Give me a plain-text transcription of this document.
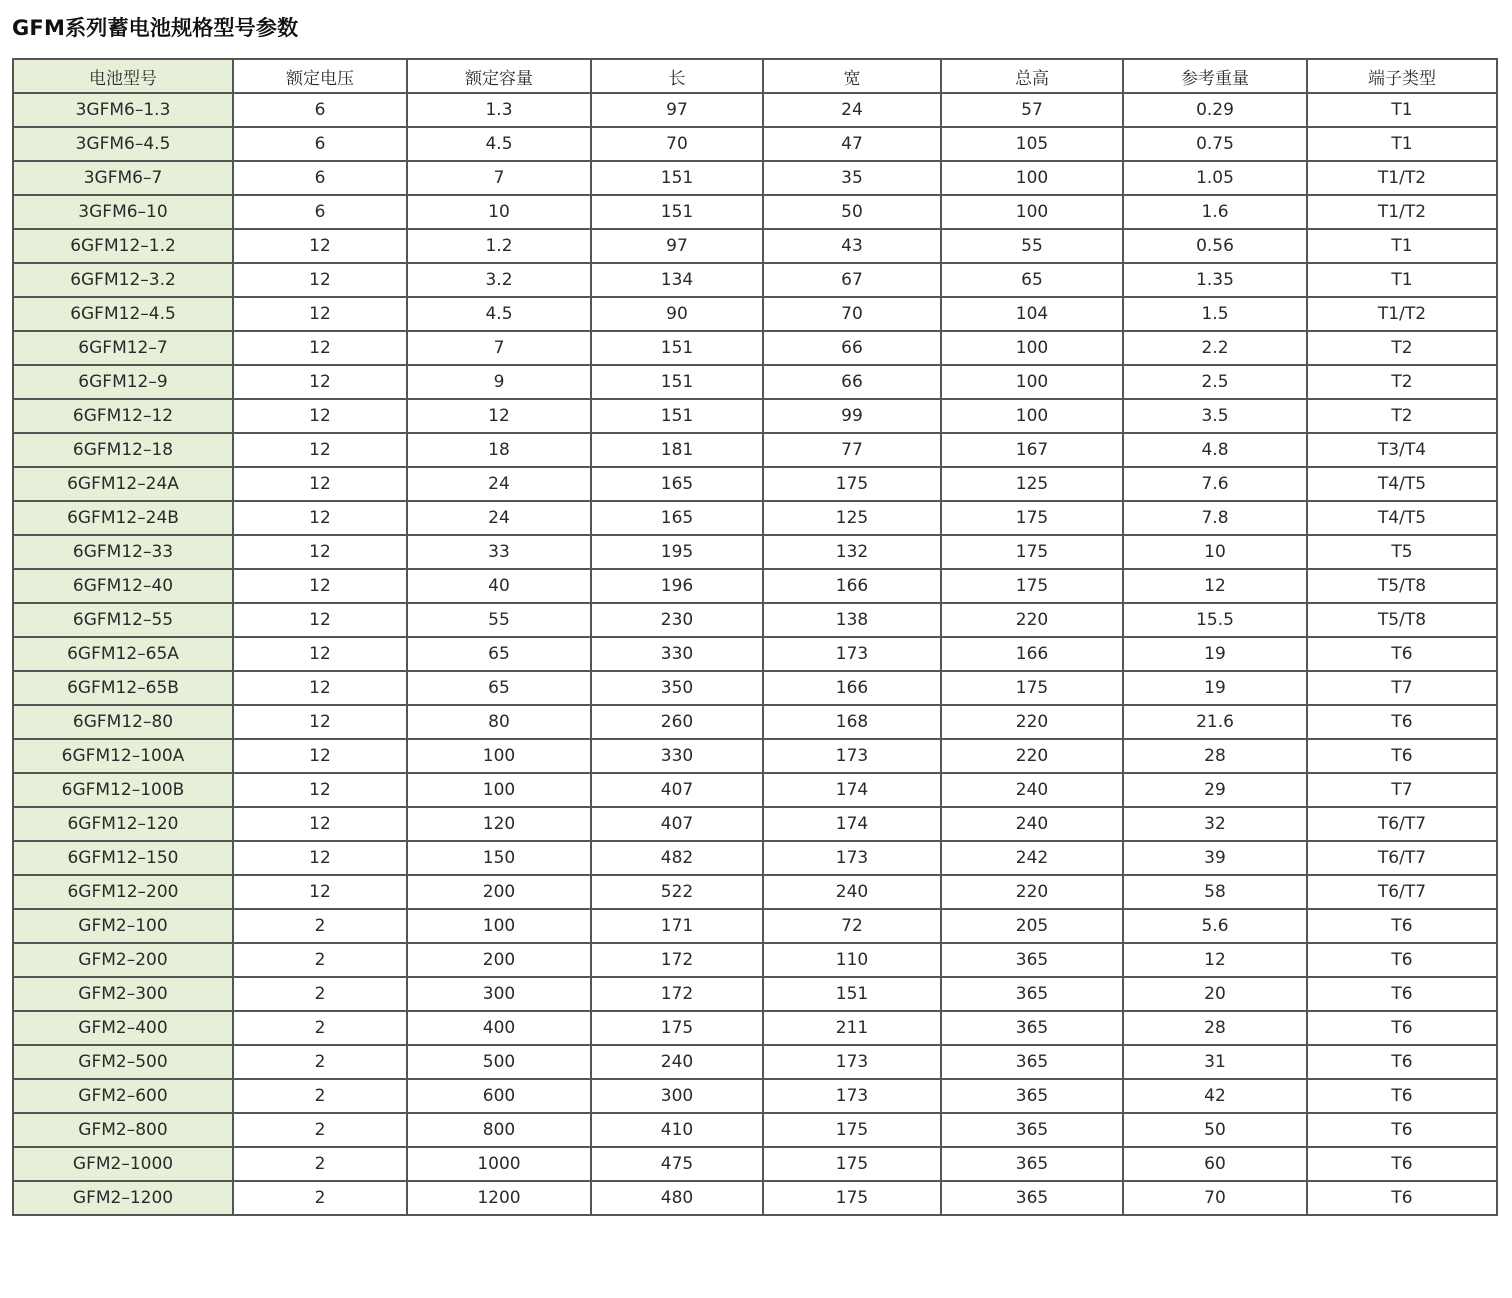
GFM系列蓄电池规格型号参数
电池型号	额定电压	额定容量	长	宽	总高	参考重量	端子类型
3GFM6–1.3	6	1.3	97	24	57	0.29	T1
3GFM6–4.5	6	4.5	70	47	105	0.75	T1
3GFM6–7	6	7	151	35	100	1.05	T1/T2
3GFM6–10	6	10	151	50	100	1.6	T1/T2
6GFM12–1.2	12	1.2	97	43	55	0.56	T1
6GFM12–3.2	12	3.2	134	67	65	1.35	T1
6GFM12–4.5	12	4.5	90	70	104	1.5	T1/T2
6GFM12–7	12	7	151	66	100	2.2	T2
6GFM12–9	12	9	151	66	100	2.5	T2
6GFM12–12	12	12	151	99	100	3.5	T2
6GFM12–18	12	18	181	77	167	4.8	T3/T4
6GFM12–24A	12	24	165	175	125	7.6	T4/T5
6GFM12–24B	12	24	165	125	175	7.8	T4/T5
6GFM12–33	12	33	195	132	175	10	T5
6GFM12–40	12	40	196	166	175	12	T5/T8
6GFM12–55	12	55	230	138	220	15.5	T5/T8
6GFM12–65A	12	65	330	173	166	19	T6
6GFM12–65B	12	65	350	166	175	19	T7
6GFM12–80	12	80	260	168	220	21.6	T6
6GFM12–100A	12	100	330	173	220	28	T6
6GFM12–100B	12	100	407	174	240	29	T7
6GFM12–120	12	120	407	174	240	32	T6/T7
6GFM12–150	12	150	482	173	242	39	T6/T7
6GFM12–200	12	200	522	240	220	58	T6/T7
GFM2–100	2	100	171	72	205	5.6	T6
GFM2–200	2	200	172	110	365	12	T6
GFM2–300	2	300	172	151	365	20	T6
GFM2–400	2	400	175	211	365	28	T6
GFM2–500	2	500	240	173	365	31	T6
GFM2–600	2	600	300	173	365	42	T6
GFM2–800	2	800	410	175	365	50	T6
GFM2–1000	2	1000	475	175	365	60	T6
GFM2–1200	2	1200	480	175	365	70	T6
